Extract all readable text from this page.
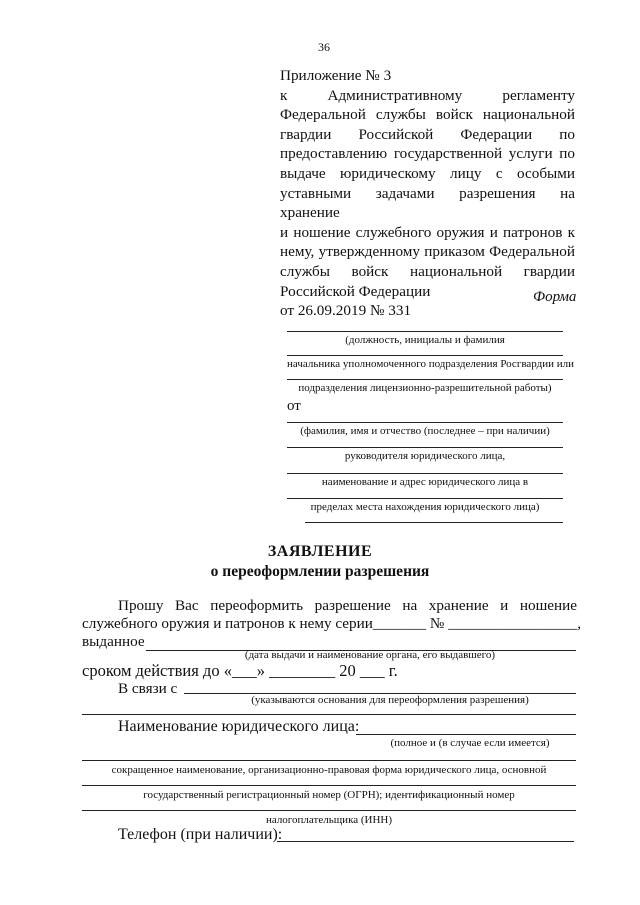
36
Приложение № 3
к Административному регламенту
Федеральной службы войск национальной
гвардии Российской Федерации по
предоставлению государственной услуги по
выдаче юридическому лицу с особыми
уставными задачами разрешения на хранение
и ношение служебного оружия и патронов к
нему, утвержденному приказом Федеральной
службы войск национальной гвардии
Российской Федерации
от 26.09.2019 № 331
Форма
(должность, инициалы и фамилия
начальника уполномоченного подразделения Росгвардии или
подразделения лицензионно-разрешительной работы)
от
(фамилия, имя и отчество (последнее – при наличии)
руководителя юридического лица,
наименование и адрес юридического лица в
пределах места нахождения юридического лица)
ЗАЯВЛЕНИЕ
о переоформлении разрешения
Прошу Вас переоформить разрешение на хранение и ношение
служебного оружия и патронов к нему серии_______ № _________________,
выданное
(дата выдачи и наименование органа, его выдавшего)
сроком действия до «___» ________ 20 ___ г.
В связи с
(указываются основания для переоформления разрешения)
Наименование юридического лица:
(полное и (в случае если имеется)
сокращенное наименование, организационно-правовая форма юридического лица, основной
государственный регистрационный номер (ОГРН); идентификационный номер
налогоплательщика (ИНН)
Телефон (при наличии):
